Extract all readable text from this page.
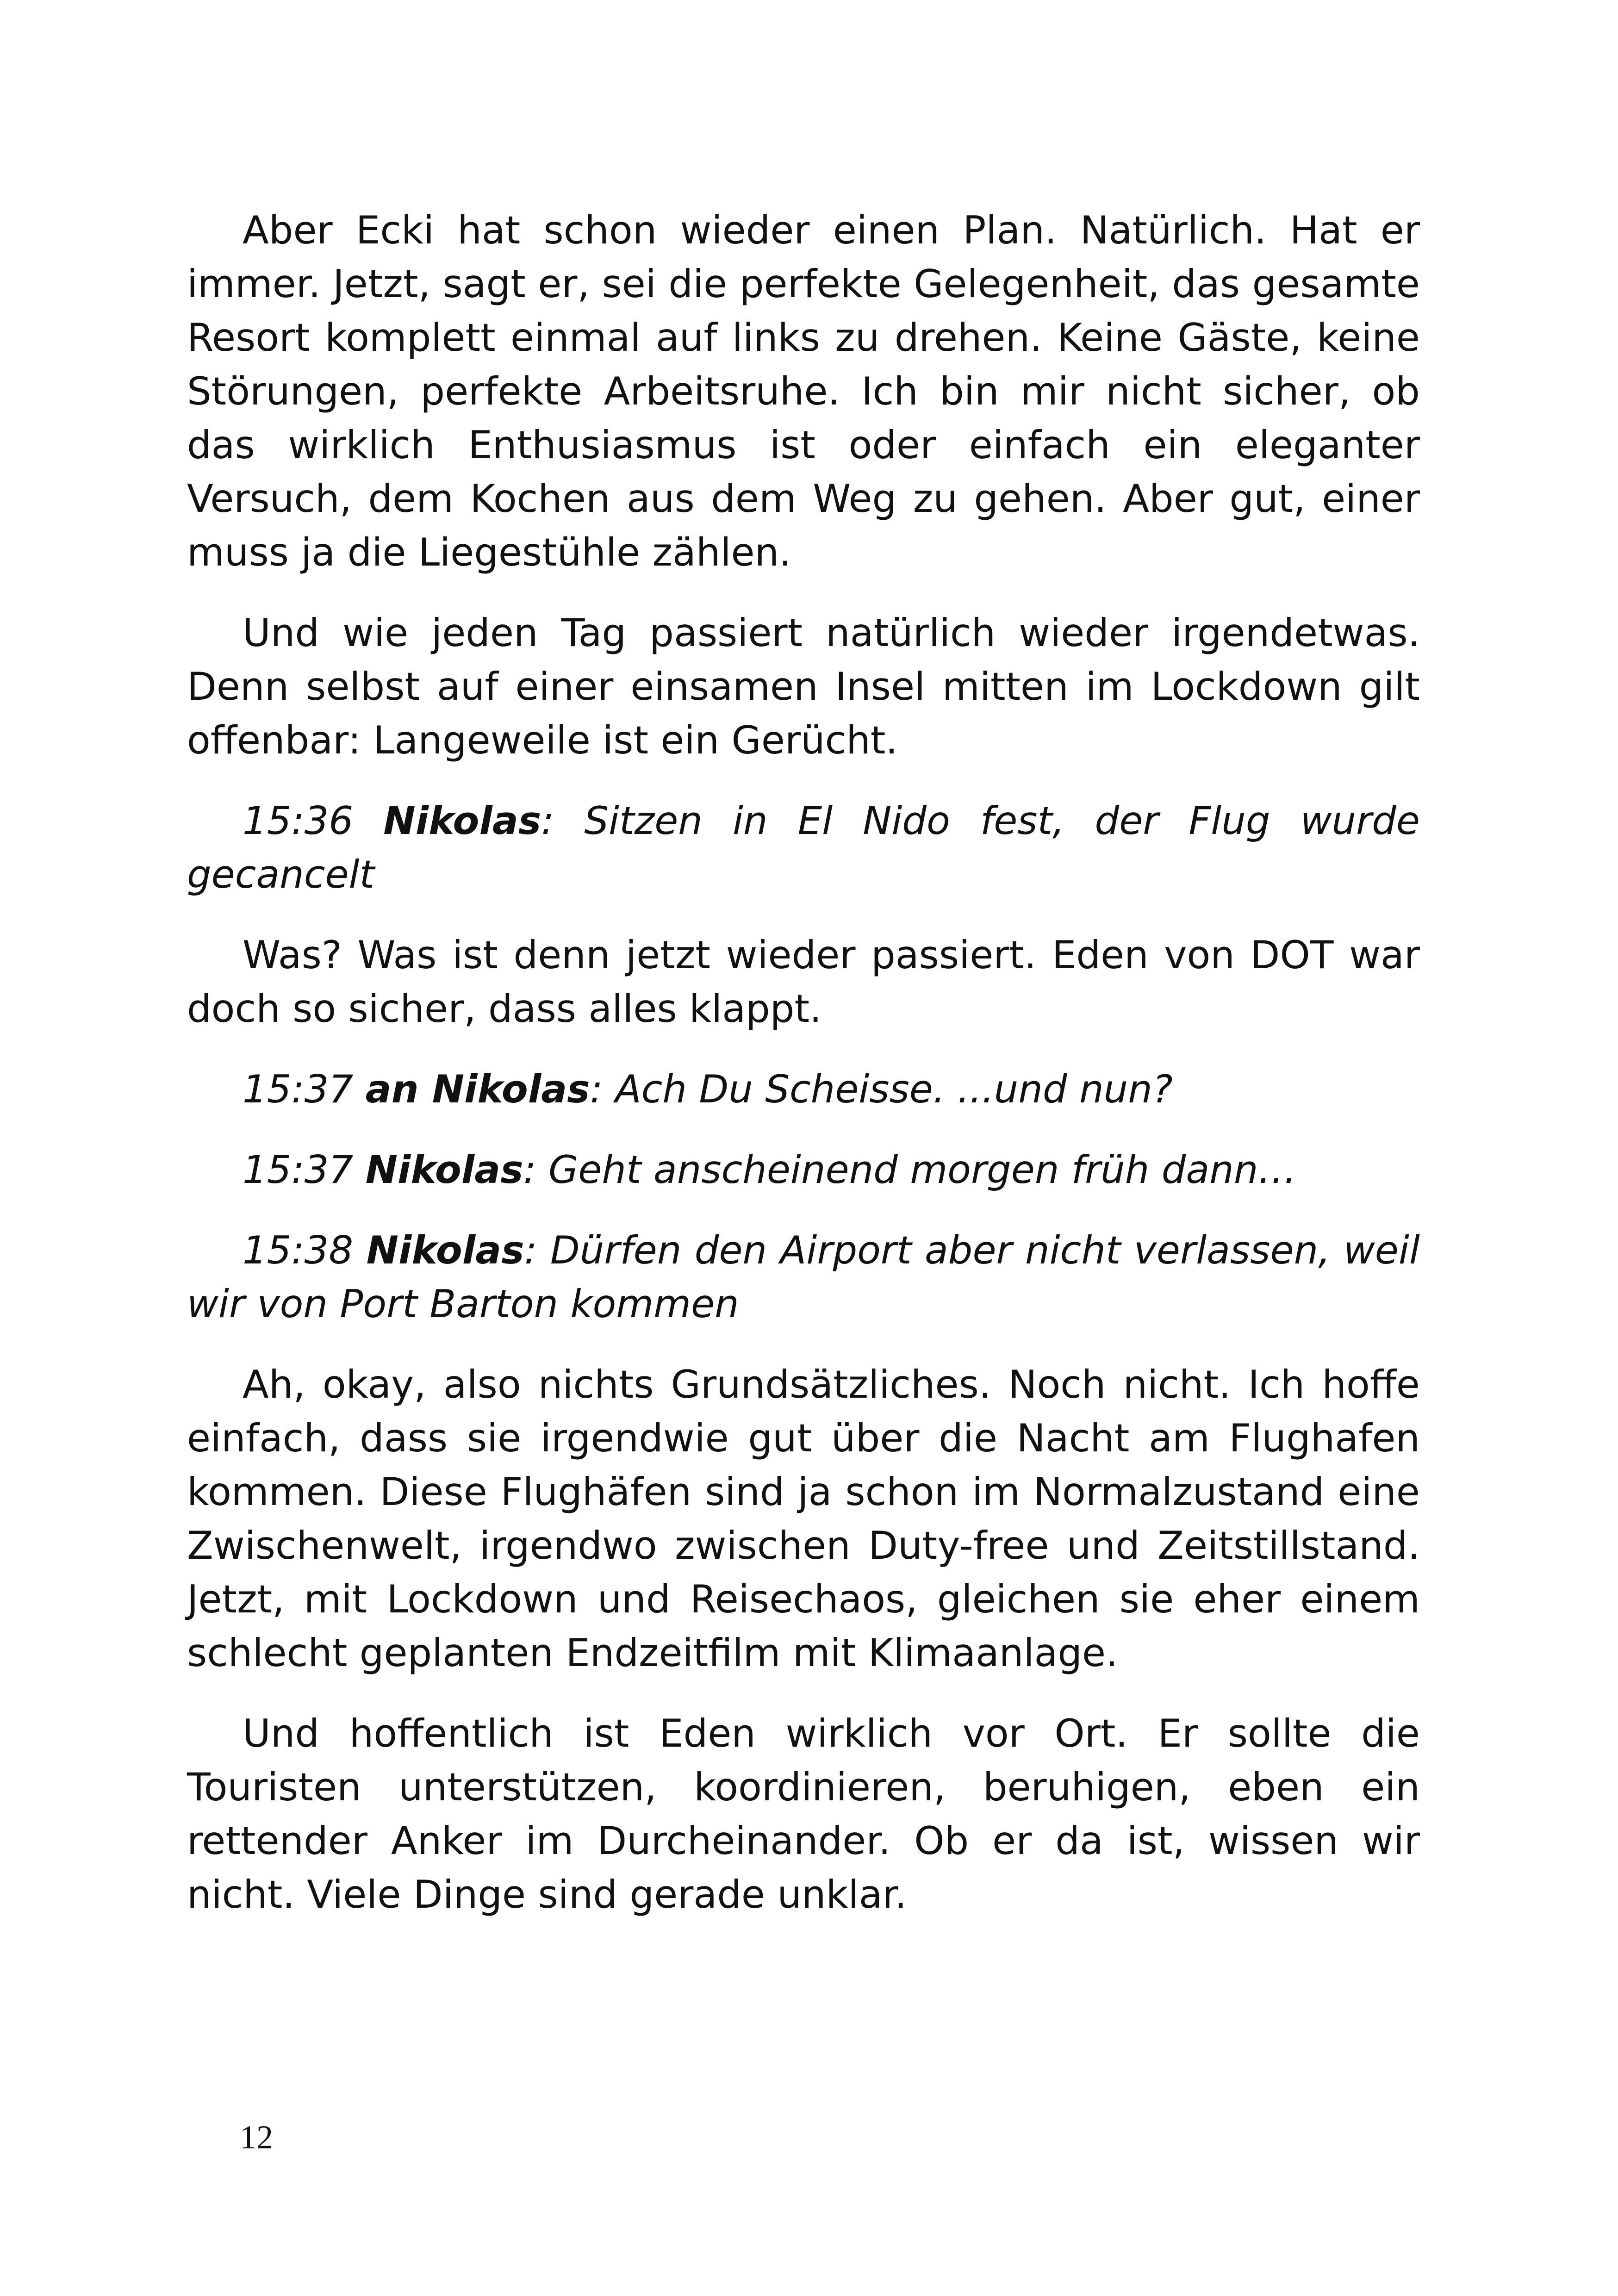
Aber Ecki hat schon wieder einen Plan. Natürlich. Hat er immer. Jetzt, sagt er, sei die perfekte Gelegenheit, das gesamte Resort komplett einmal auf links zu drehen. Keine Gäste, keine Störungen, perfekte Arbeitsruhe. Ich bin mir nicht sicher, ob das wirklich Enthusiasmus ist oder einfach ein eleganter Versuch, dem Kochen aus dem Weg zu gehen. Aber gut, einer muss ja die Liegestühle zählen.

Und wie jeden Tag passiert natürlich wieder irgendetwas. Denn selbst auf einer einsamen Insel mitten im Lockdown gilt offenbar: Langeweile ist ein Gerücht.

15:36 Nikolas: Sitzen in El Nido fest, der Flug wurde gecancelt

Was? Was ist denn jetzt wieder passiert. Eden von DOT war doch so sicher, dass alles klappt.

15:37 an Nikolas: Ach Du Scheisse. ...und nun?

15:37 Nikolas: Geht anscheinend morgen früh dann…

15:38 Nikolas: Dürfen den Airport aber nicht verlassen, weil wir von Port Barton kommen

Ah, okay, also nichts Grundsätzliches. Noch nicht. Ich hoffe einfach, dass sie irgendwie gut über die Nacht am Flughafen kommen. Diese Flughäfen sind ja schon im Normalzustand eine Zwischenwelt, irgendwo zwischen Duty-free und Zeitstillstand. Jetzt, mit Lockdown und Reisechaos, gleichen sie eher einem schlecht geplanten Endzeitfilm mit Klimaanlage.

Und hoffentlich ist Eden wirklich vor Ort. Er sollte die Touristen unterstützen, koordinieren, beruhigen, eben ein rettender Anker im Durcheinander. Ob er da ist, wissen wir nicht. Viele Dinge sind gerade unklar.

12
